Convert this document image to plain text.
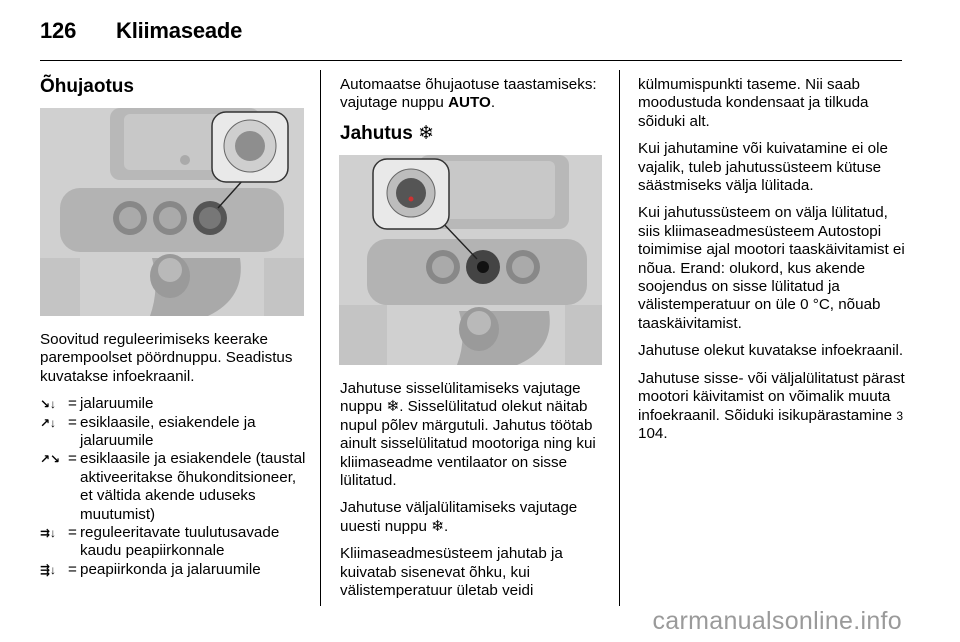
126 Kliimaseade
Õhujaotus

Soovitud reguleerimiseks keerake parempoolset pöördnuppu. Seadistus kuvatakse infoekraanil.

↘↓ = jalaruumile
↗↓ = esiklaasile, esiakendele ja jalaruumile
↗↘ = esiklaasile ja esiakendele (taustal aktiveeritakse õhukonditsioneer, et vältida akende uduseks muutumist)
⇉↓ = reguleeritavate tuulutusavade kaudu peapiirkonnale
⇶↓ = peapiirkonda ja jalaruumile

Automaatse õhujaotuse taastamiseks: vajutage nuppu AUTO.

Jahutus ❄

Jahutuse sisselülitamiseks vajutage nuppu ❄. Sisselülitatud olekut näitab nupul põlev märgutuli. Jahutus töötab ainult sisselülitatud mootoriga ning kui kliimaseadme ventilaator on sisse lülitatud.

Jahutuse väljalülitamiseks vajutage uuesti nuppu ❄.

Kliimaseadmesüsteem jahutab ja kuivatab sisenevat õhku, kui välistemperatuur ületab veidi

külmumispunkti taseme. Nii saab moodustuda kondensaat ja tilkuda sõiduki alt.

Kui jahutamine või kuivatamine ei ole vajalik, tuleb jahutussüsteem kütuse säästmiseks välja lülitada.

Kui jahutussüsteem on välja lülitatud, siis kliimaseadmesüsteem Autostopi toimimise ajal mootori taaskäivitamist ei nõua. Erand: olukord, kus akende soojendus on sisse lülitatud ja välistemperatuur on üle 0 °C, nõuab taaskäivitamist.

Jahutuse olekut kuvatakse infoekraanil.

Jahutuse sisse- või väljalülitatust pärast mootori käivitamist on võimalik muuta infoekraanil. Sõiduki isikupärastamine 3 104.

carmanualsonline.info
